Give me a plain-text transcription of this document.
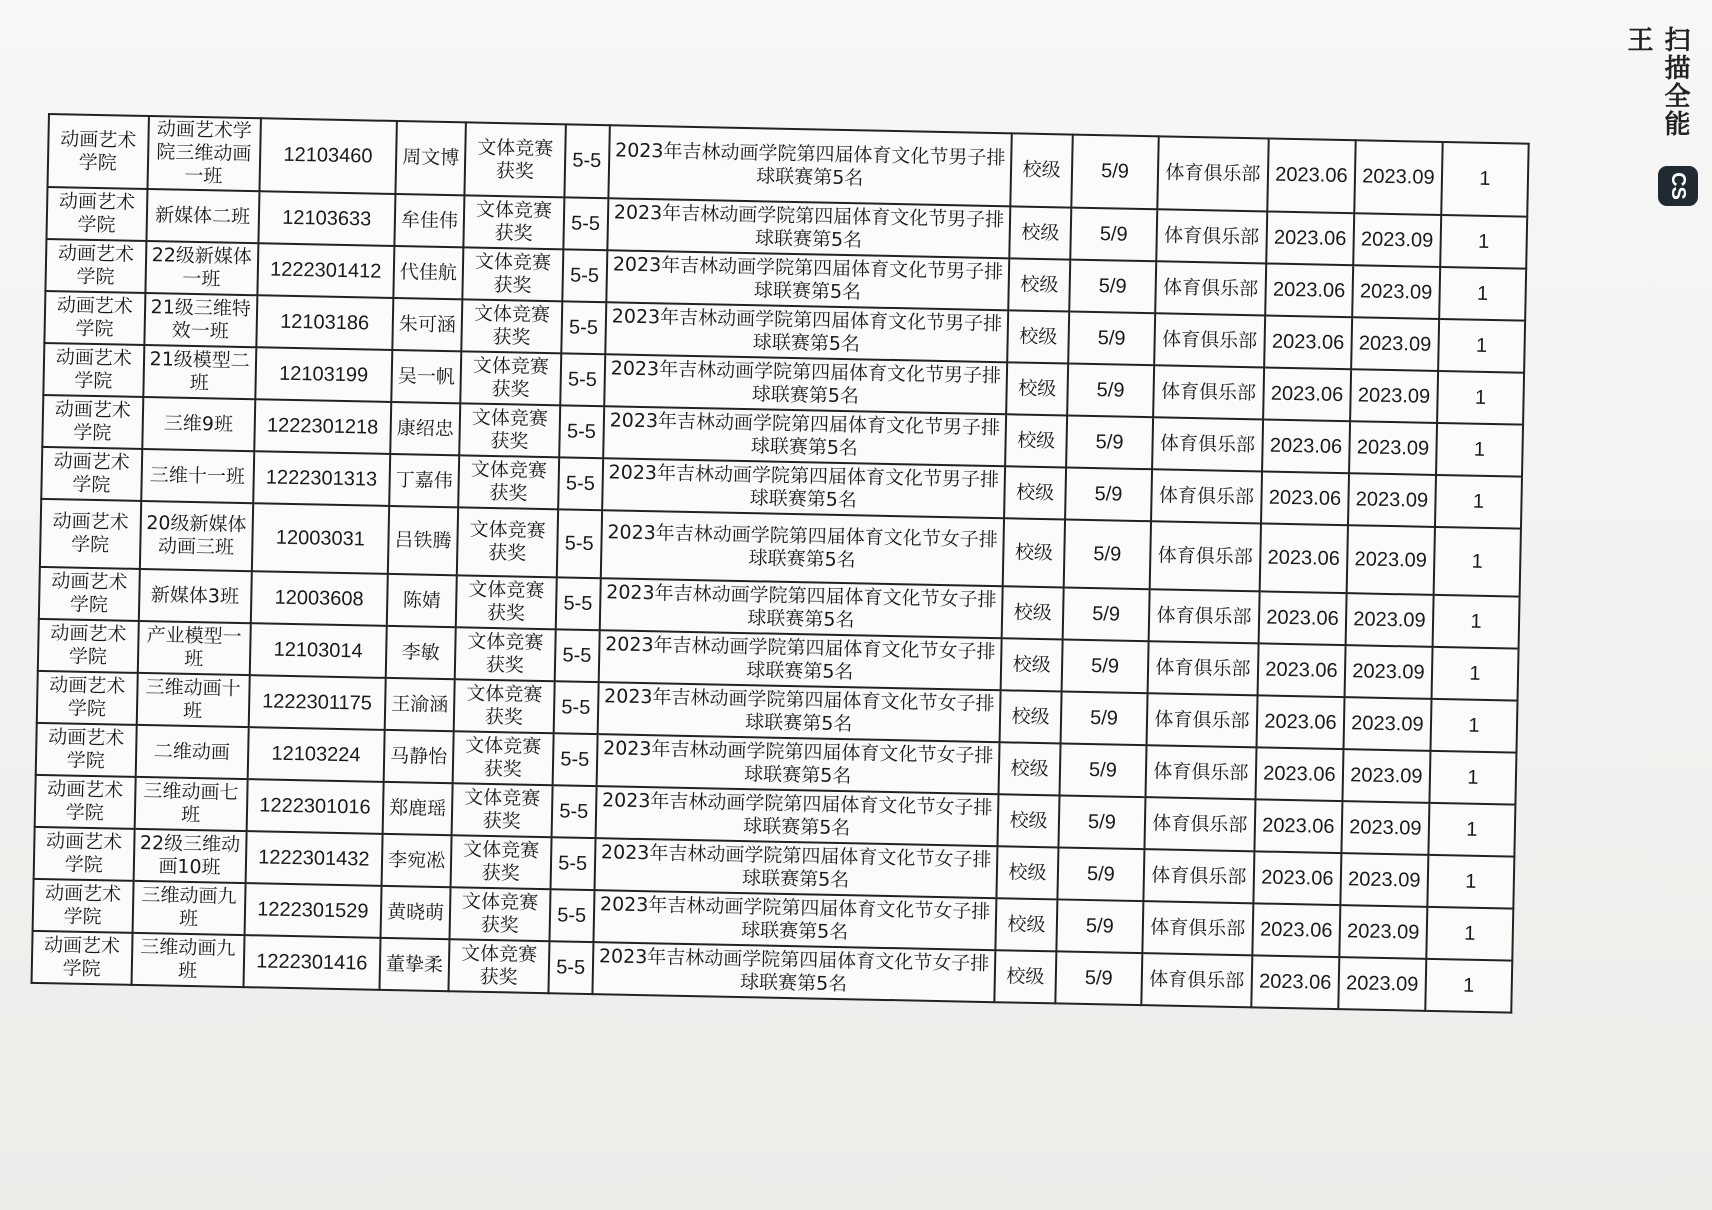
动画艺术学院	动画艺术学院三维动画一班	12103460	周文博	文体竞赛获奖	5-5	2023年吉林动画学院第四届体育文化节男子排球联赛第5名	校级	5/9	体育俱乐部	2023.06	2023.09	1
动画艺术学院	新媒体二班	12103633	牟佳伟	文体竞赛获奖	5-5	2023年吉林动画学院第四届体育文化节男子排球联赛第5名	校级	5/9	体育俱乐部	2023.06	2023.09	1
动画艺术学院	22级新媒体一班	1222301412	代佳航	文体竞赛获奖	5-5	2023年吉林动画学院第四届体育文化节男子排球联赛第5名	校级	5/9	体育俱乐部	2023.06	2023.09	1
动画艺术学院	21级三维特效一班	12103186	朱可涵	文体竞赛获奖	5-5	2023年吉林动画学院第四届体育文化节男子排球联赛第5名	校级	5/9	体育俱乐部	2023.06	2023.09	1
动画艺术学院	21级模型二班	12103199	吴一帆	文体竞赛获奖	5-5	2023年吉林动画学院第四届体育文化节男子排球联赛第5名	校级	5/9	体育俱乐部	2023.06	2023.09	1
动画艺术学院	三维9班	1222301218	康绍忠	文体竞赛获奖	5-5	2023年吉林动画学院第四届体育文化节男子排球联赛第5名	校级	5/9	体育俱乐部	2023.06	2023.09	1
动画艺术学院	三维十一班	1222301313	丁嘉伟	文体竞赛获奖	5-5	2023年吉林动画学院第四届体育文化节男子排球联赛第5名	校级	5/9	体育俱乐部	2023.06	2023.09	1
动画艺术学院	20级新媒体动画三班	12003031	吕铁腾	文体竞赛获奖	5-5	2023年吉林动画学院第四届体育文化节女子排球联赛第5名	校级	5/9	体育俱乐部	2023.06	2023.09	1
动画艺术学院	新媒体3班	12003608	陈婧	文体竞赛获奖	5-5	2023年吉林动画学院第四届体育文化节女子排球联赛第5名	校级	5/9	体育俱乐部	2023.06	2023.09	1
动画艺术学院	产业模型一班	12103014	李敏	文体竞赛获奖	5-5	2023年吉林动画学院第四届体育文化节女子排球联赛第5名	校级	5/9	体育俱乐部	2023.06	2023.09	1
动画艺术学院	三维动画十班	1222301175	王渝涵	文体竞赛获奖	5-5	2023年吉林动画学院第四届体育文化节女子排球联赛第5名	校级	5/9	体育俱乐部	2023.06	2023.09	1
动画艺术学院	二维动画	12103224	马静怡	文体竞赛获奖	5-5	2023年吉林动画学院第四届体育文化节女子排球联赛第5名	校级	5/9	体育俱乐部	2023.06	2023.09	1
动画艺术学院	三维动画七班	1222301016	郑鹿瑶	文体竞赛获奖	5-5	2023年吉林动画学院第四届体育文化节女子排球联赛第5名	校级	5/9	体育俱乐部	2023.06	2023.09	1
动画艺术学院	22级三维动画10班	1222301432	李宛凇	文体竞赛获奖	5-5	2023年吉林动画学院第四届体育文化节女子排球联赛第5名	校级	5/9	体育俱乐部	2023.06	2023.09	1
动画艺术学院	三维动画九班	1222301529	黄晓萌	文体竞赛获奖	5-5	2023年吉林动画学院第四届体育文化节女子排球联赛第5名	校级	5/9	体育俱乐部	2023.06	2023.09	1
动画艺术学院	三维动画九班	1222301416	董挚柔	文体竞赛获奖	5-5	2023年吉林动画学院第四届体育文化节女子排球联赛第5名	校级	5/9	体育俱乐部	2023.06	2023.09	1
扫描全能王
CS
